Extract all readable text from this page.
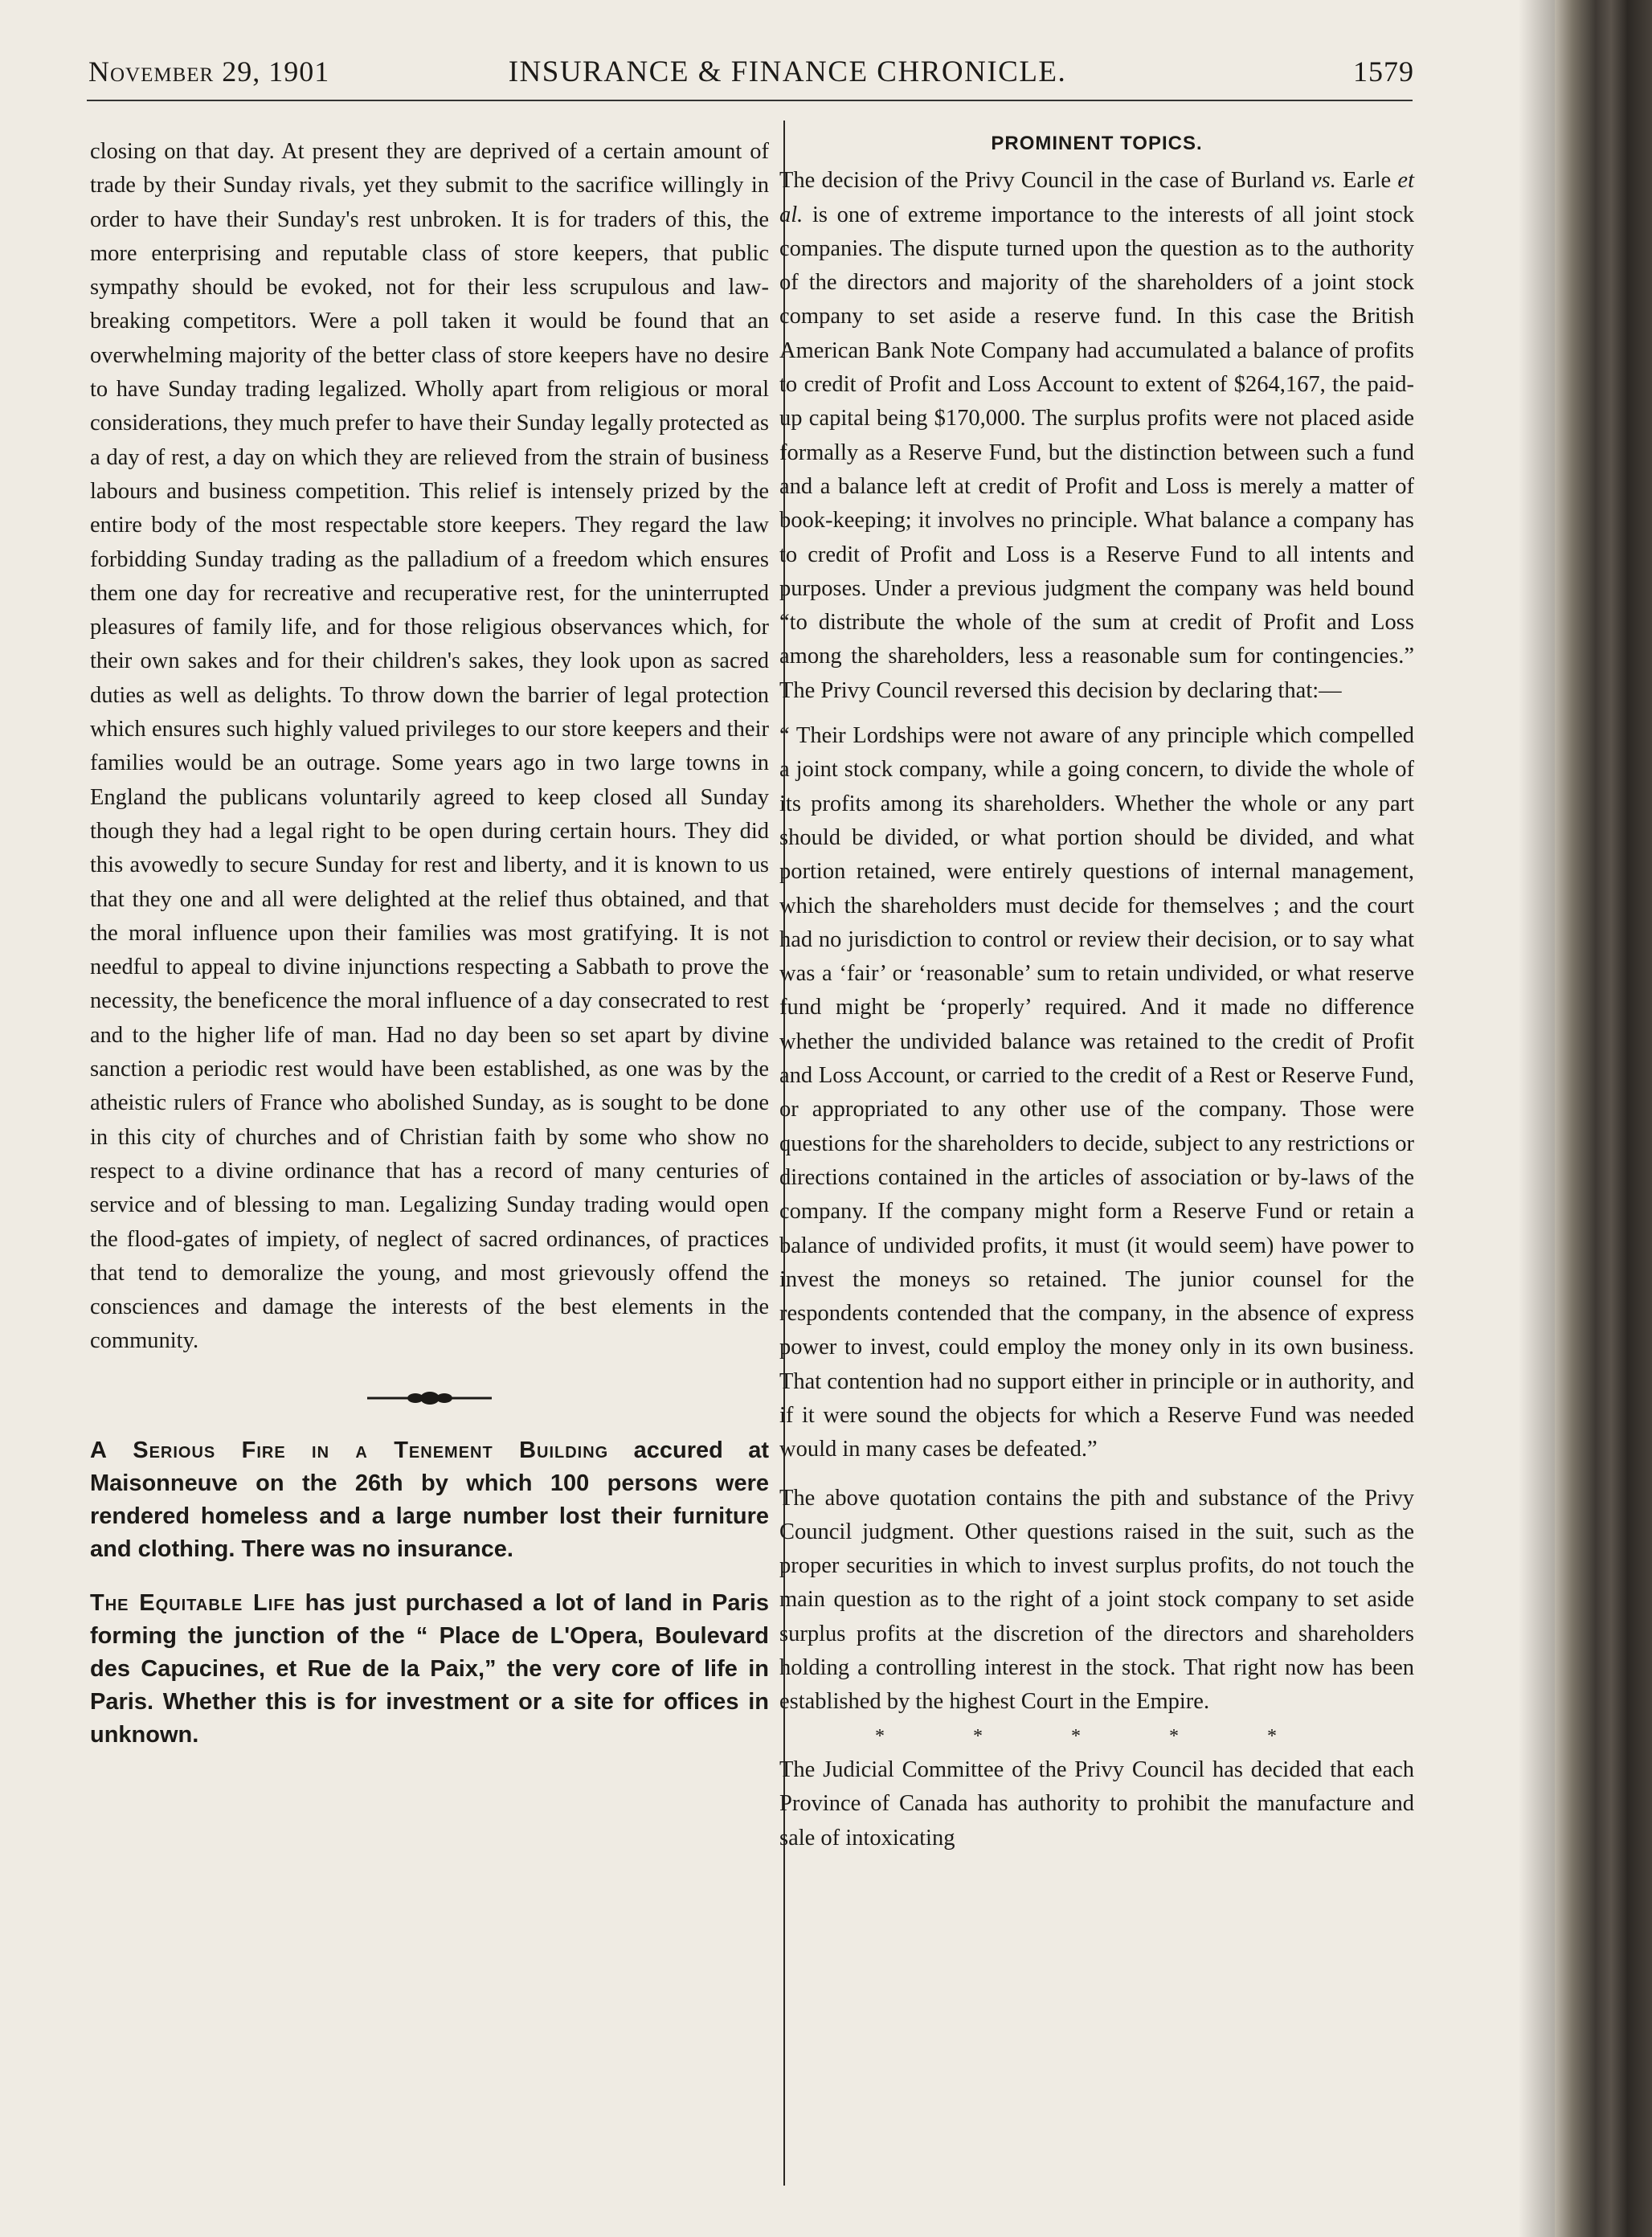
November 29, 1901	INSURANCE & FINANCE CHRONICLE.	1579

closing on that day. At present they are deprived of a certain amount of trade by their Sunday rivals, yet they submit to the sacrifice willingly in order to have their Sunday's rest unbroken. It is for traders of this, the more enterprising and reputable class of store keepers, that public sympathy should be evoked, not for their less scrupulous and law-breaking competitors. Were a poll taken it would be found that an overwhelming majority of the better class of store keepers have no desire to have Sunday trading legalized. Wholly apart from religious or moral considerations, they much prefer to have their Sunday legally protected as a day of rest, a day on which they are relieved from the strain of business labours and business competition. This relief is intensely prized by the entire body of the most respectable store keepers. They regard the law forbidding Sunday trading as the palladium of a freedom which ensures them one day for recreative and recuperative rest, for the uninterrupted pleasures of family life, and for those religious observances which, for their own sakes and for their children's sakes, they look upon as sacred duties as well as delights. To throw down the barrier of legal protection which ensures such highly valued privileges to our store keepers and their families would be an outrage. Some years ago in two large towns in England the publicans voluntarily agreed to keep closed all Sunday though they had a legal right to be open during certain hours. They did this avowedly to secure Sunday for rest and liberty, and it is known to us that they one and all were delighted at the relief thus obtained, and that the moral influence upon their families was most gratifying. It is not needful to appeal to divine injunctions respecting a Sabbath to prove the necessity, the beneficence the moral influence of a day consecrated to rest and to the higher life of man. Had no day been so set apart by divine sanction a periodic rest would have been established, as one was by the atheistic rulers of France who abolished Sunday, as is sought to be done in this city of churches and of Christian faith by some who show no respect to a divine ordinance that has a record of many centuries of service and of blessing to man. Legalizing Sunday trading would open the flood-gates of impiety, of neglect of sacred ordinances, of practices that tend to demoralize the young, and most grievously offend the consciences and damage the interests of the best elements in the community.

A Serious Fire in a Tenement Building accured at Maisonneuve on the 26th by which 100 persons were rendered homeless and a large number lost their furniture and clothing. There was no insurance.

The Equitable Life has just purchased a lot of land in Paris forming the junction of the “ Place de L'Opera, Boulevard des Capucines, et Rue de la Paix,” the very core of life in Paris. Whether this is for investment or a site for offices in unknown.

PROMINENT TOPICS.

The decision of the Privy Council in the case of Burland vs. Earle et al. is one of extreme importance to the interests of all joint stock companies. The dispute turned upon the question as to the authority of the directors and majority of the shareholders of a joint stock company to set aside a reserve fund. In this case the British American Bank Note Company had accumulated a balance of profits to credit of Profit and Loss Account to extent of $264,167, the paid-up capital being $170,000. The surplus profits were not placed aside formally as a Reserve Fund, but the distinction between such a fund and a balance left at credit of Profit and Loss is merely a matter of book-keeping; it involves no principle. What balance a company has to credit of Profit and Loss is a Reserve Fund to all intents and purposes. Under a previous judgment the company was held bound “to distribute the whole of the sum at credit of Profit and Loss among the shareholders, less a reasonable sum for contingencies.” The Privy Council reversed this decision by declaring that:—

“ Their Lordships were not aware of any principle which compelled a joint stock company, while a going concern, to divide the whole of its profits among its shareholders. Whether the whole or any part should be divided, or what portion should be divided, and what portion retained, were entirely questions of internal management, which the shareholders must decide for themselves ; and the court had no jurisdiction to control or review their decision, or to say what was a ‘fair’ or ‘reasonable’ sum to retain undivided, or what reserve fund might be ‘properly’ required. And it made no difference whether the undivided balance was retained to the credit of Profit and Loss Account, or carried to the credit of a Rest or Reserve Fund, or appropriated to any other use of the company. Those were questions for the shareholders to decide, subject to any restrictions or directions contained in the articles of association or by-laws of the company. If the company might form a Reserve Fund or retain a balance of undivided profits, it must (it would seem) have power to invest the moneys so retained. The junior counsel for the respondents contended that the company, in the absence of express power to invest, could employ the money only in its own business. That contention had no support either in principle or in authority, and if it were sound the objects for which a Reserve Fund was needed would in many cases be defeated.”

The above quotation contains the pith and substance of the Privy Council judgment. Other questions raised in the suit, such as the proper securities in which to invest surplus profits, do not touch the main question as to the right of a joint stock company to set aside surplus profits at the discretion of the directors and shareholders holding a controlling interest in the stock. That right now has been established by the highest Court in the Empire.

* * * * *

The Judicial Committee of the Privy Council has decided that each Province of Canada has authority to prohibit the manufacture and sale of intoxicating
